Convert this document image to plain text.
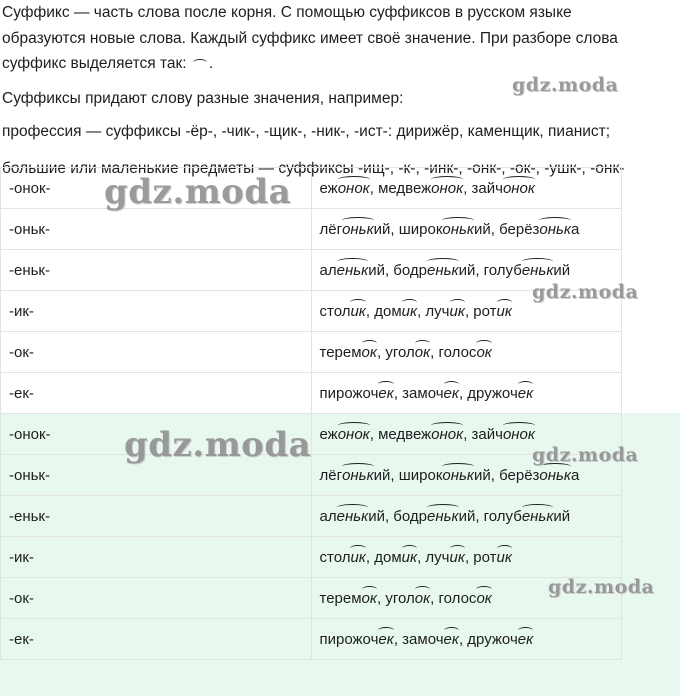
Суффикс — часть слова после корня. С помощью суффиксов в русском языке
образуются новые слова. Каждый суффикс имеет своё значение. При разборе слова
суффикс выделяется так: .
Суффиксы придают слову разные значения, например:
профессия — суффиксы -ёр-, -чик-, -щик-, -ник-, -ист-: дирижёр, каменщик, пианист;
большие или маленькие предметы — суффиксы -ищ-, -к-, -инк-, -онк-, -ок-, -ушк-, -онк-
-онок-	ежонок, медвежонок, зайчонок
-оньк-	лёгонький, широконький, берёзонька
-еньк-	аленький, бодренький, голубенький
-ик-	столик, домик, лучик, ротик
-ок-	теремок, уголок, голосок
-ек-	пирожочек, замочек, дружочек
-онок-	ежонок, медвежонок, зайчонок
-оньк-	лёгонький, широконький, берёзонька
-еньк-	аленький, бодренький, голубенький
-ик-	столик, домик, лучик, ротик
-ок-	теремок, уголок, голосок
-ек-	пирожочек, замочек, дружочек
gdz.moda
gdz.moda
gdz.moda
gdz.moda	gdz.moda
gdz.moda
